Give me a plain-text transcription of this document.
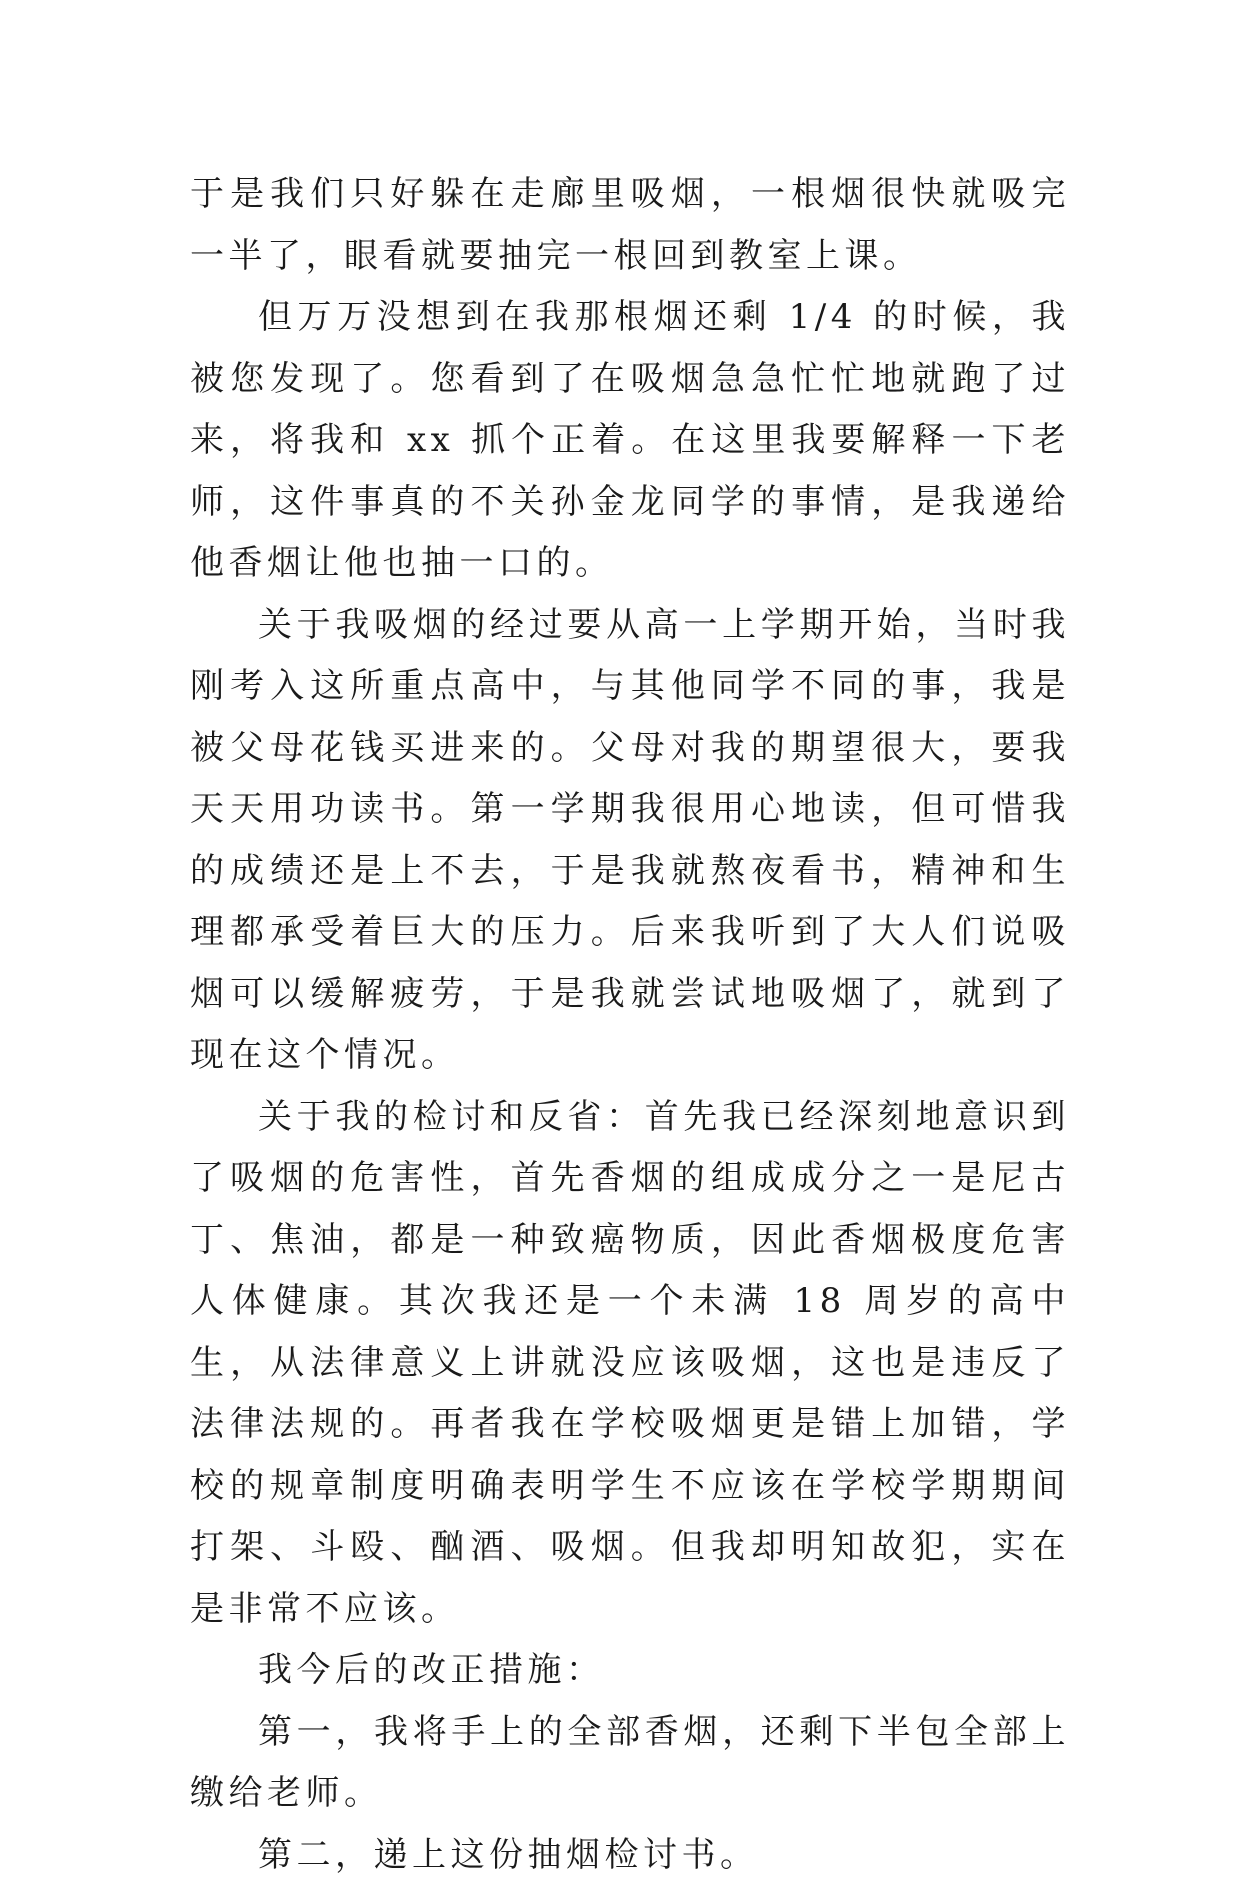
于是我们只好躲在走廊里吸烟，一根烟很快就吸完一半了，眼看就要抽完一根回到教室上课。

但万万没想到在我那根烟还剩 1/4 的时候，我被您发现了。您看到了在吸烟急急忙忙地就跑了过来，将我和 xx 抓个正着。在这里我要解释一下老师，这件事真的不关孙金龙同学的事情，是我递给他香烟让他也抽一口的。

关于我吸烟的经过要从高一上学期开始，当时我刚考入这所重点高中，与其他同学不同的事，我是被父母花钱买进来的。父母对我的期望很大，要我天天用功读书。第一学期我很用心地读，但可惜我的成绩还是上不去，于是我就熬夜看书，精神和生理都承受着巨大的压力。后来我听到了大人们说吸烟可以缓解疲劳，于是我就尝试地吸烟了，就到了现在这个情况。

关于我的检讨和反省：首先我已经深刻地意识到了吸烟的危害性，首先香烟的组成成分之一是尼古丁、焦油，都是一种致癌物质，因此香烟极度危害人体健康。其次我还是一个未满 18 周岁的高中生，从法律意义上讲就没应该吸烟，这也是违反了法律法规的。再者我在学校吸烟更是错上加错，学校的规章制度明确表明学生不应该在学校学期期间打架、斗殴、酗酒、吸烟。但我却明知故犯，实在是非常不应该。

我今后的改正措施：

第一，我将手上的全部香烟，还剩下半包全部上缴给老师。

第二，递上这份抽烟检讨书。
